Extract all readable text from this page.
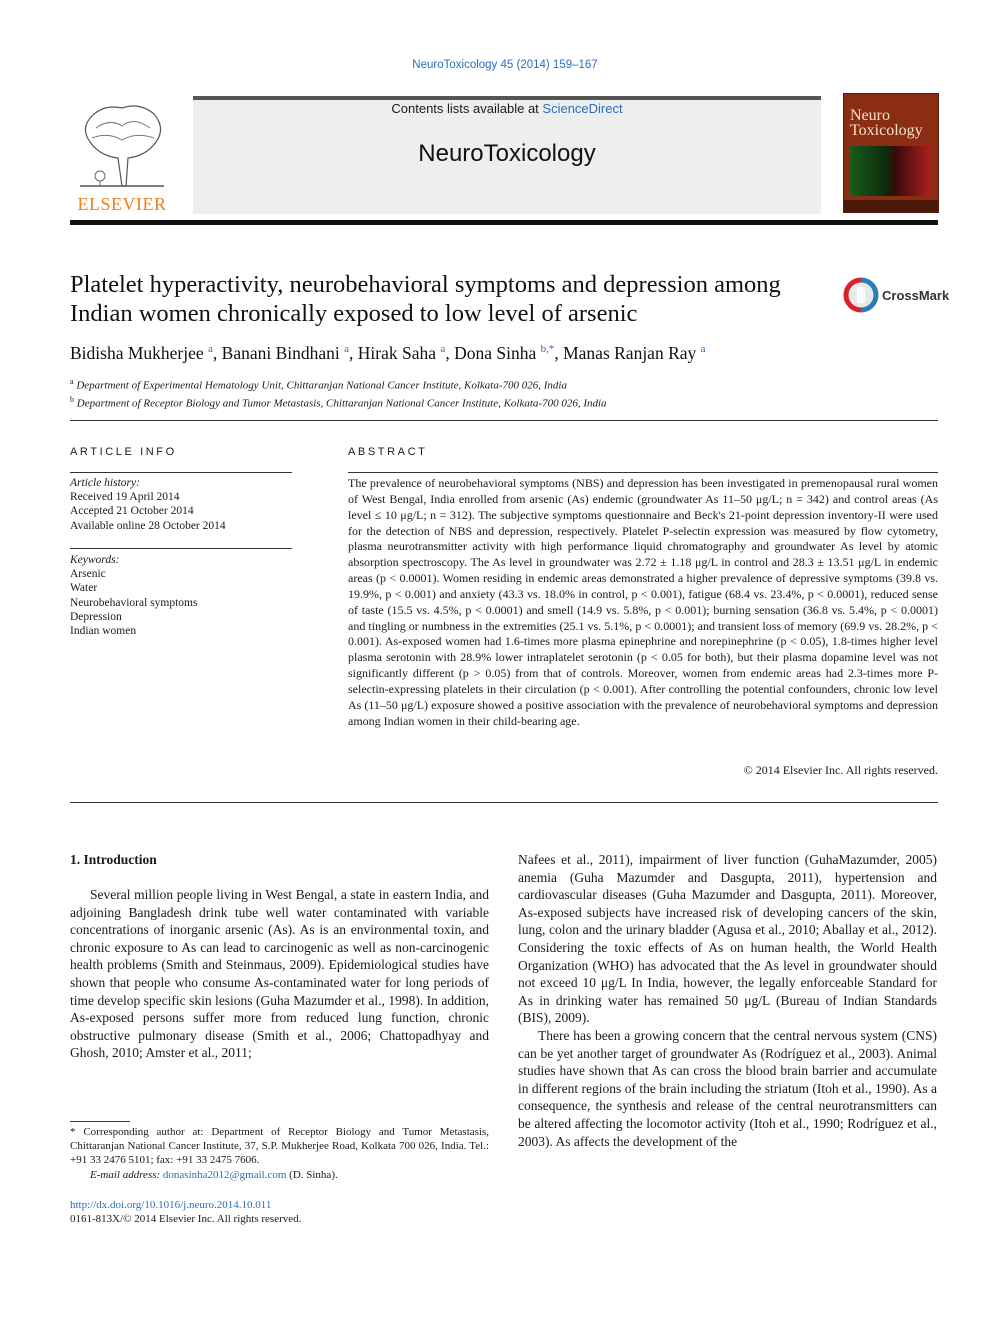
NeuroToxicology 45 (2014) 159–167
ELSEVIER
Contents lists available at ScienceDirect
NeuroToxicology
Neuro
Toxicology
Platelet hyperactivity, neurobehavioral symptoms and depression among Indian women chronically exposed to low level of arsenic
CrossMark
Bidisha Mukherjee $^a$, Banani Bindhani $^a$, Hirak Saha $^a$, Dona Sinha $^{b,*}$, Manas Ranjan Ray $^a$
$^a$ Department of Experimental Hematology Unit, Chittaranjan National Cancer Institute, Kolkata-700 026, India
$^b$ Department of Receptor Biology and Tumor Metastasis, Chittaranjan National Cancer Institute, Kolkata-700 026, India
ARTICLE INFO
Article history:
Received 19 April 2014
Accepted 21 October 2014
Available online 28 October 2014
Keywords:
Arsenic
Water
Neurobehavioral symptoms
Depression
Indian women
ABSTRACT
The prevalence of neurobehavioral symptoms (NBS) and depression has been investigated in premenopausal rural women of West Bengal, India enrolled from arsenic (As) endemic (groundwater As 11–50 μg/L; n = 342) and control areas (As level ≤ 10 μg/L; n = 312). The subjective symptoms questionnaire and Beck's 21-point depression inventory-II were used for the detection of NBS and depression, respectively. Platelet P-selectin expression was measured by flow cytometry, plasma neurotransmitter activity with high performance liquid chromatography and groundwater As level by atomic absorption spectroscopy. The As level in groundwater was 2.72 ± 1.18 μg/L in control and 28.3 ± 13.51 μg/L in endemic areas (p < 0.0001). Women residing in endemic areas demonstrated a higher prevalence of depressive symptoms (39.8 vs. 19.9%, p < 0.001) and anxiety (43.3 vs. 18.0% in control, p < 0.001), fatigue (68.4 vs. 23.4%, p < 0.0001), reduced sense of taste (15.5 vs. 4.5%, p < 0.0001) and smell (14.9 vs. 5.8%, p < 0.001); burning sensation (36.8 vs. 5.4%, p < 0.0001) and tingling or numbness in the extremities (25.1 vs. 5.1%, p < 0.0001); and transient loss of memory (69.9 vs. 28.2%, p < 0.001). As-exposed women had 1.6-times more plasma epinephrine and norepinephrine (p < 0.05), 1.8-times higher level plasma serotonin with 28.9% lower intraplatelet serotonin (p < 0.05 for both), but their plasma dopamine level was not significantly different (p > 0.05) from that of controls. Moreover, women from endemic areas had 2.3-times more P-selectin-expressing platelets in their circulation (p < 0.001). After controlling the potential confounders, chronic low level As (11–50 μg/L) exposure showed a positive association with the prevalence of neurobehavioral symptoms and depression among Indian women in their child-bearing age.
© 2014 Elsevier Inc. All rights reserved.
1. Introduction

Several million people living in West Bengal, a state in eastern India, and adjoining Bangladesh drink tube well water contaminated with variable concentrations of inorganic arsenic (As). As is an environmental toxin, and chronic exposure to As can lead to carcinogenic as well as non-carcinogenic health problems (Smith and Steinmaus, 2009). Epidemiological studies have shown that people who consume As-contaminated water for long periods of time develop specific skin lesions (Guha Mazumder et al., 1998). In addition, As-exposed persons suffer more from reduced lung function, chronic obstructive pulmonary disease (Smith et al., 2006; Chattopadhyay and Ghosh, 2010; Amster et al., 2011;

Nafees et al., 2011), impairment of liver function (GuhaMazumder, 2005) anemia (Guha Mazumder and Dasgupta, 2011), hypertension and cardiovascular diseases (Guha Mazumder and Dasgupta, 2011). Moreover, As-exposed subjects have increased risk of developing cancers of the skin, lung, colon and the urinary bladder (Agusa et al., 2010; Aballay et al., 2012). Considering the toxic effects of As on human health, the World Health Organization (WHO) has advocated that the As level in groundwater should not exceed 10 μg/L In India, however, the legally enforceable Standard for As in drinking water has remained 50 μg/L (Bureau of Indian Standards (BIS), 2009).

There has been a growing concern that the central nervous system (CNS) can be yet another target of groundwater As (Rodríguez et al., 2003). Animal studies have shown that As can cross the blood brain barrier and accumulate in different regions of the brain including the striatum (Itoh et al., 1990). As a consequence, the synthesis and release of the central neurotransmitters can be altered affecting the locomotor activity (Itoh et al., 1990; Rodríguez et al., 2003). As affects the development of the

* Corresponding author at: Department of Receptor Biology and Tumor Metastasis, Chittaranjan National Cancer Institute, 37, S.P. Mukherjee Road, Kolkata 700 026, India. Tel.: +91 33 2476 5101; fax: +91 33 2475 7606.
E-mail address: donasinha2012@gmail.com (D. Sinha).
http://dx.doi.org/10.1016/j.neuro.2014.10.011
0161-813X/© 2014 Elsevier Inc. All rights reserved.
